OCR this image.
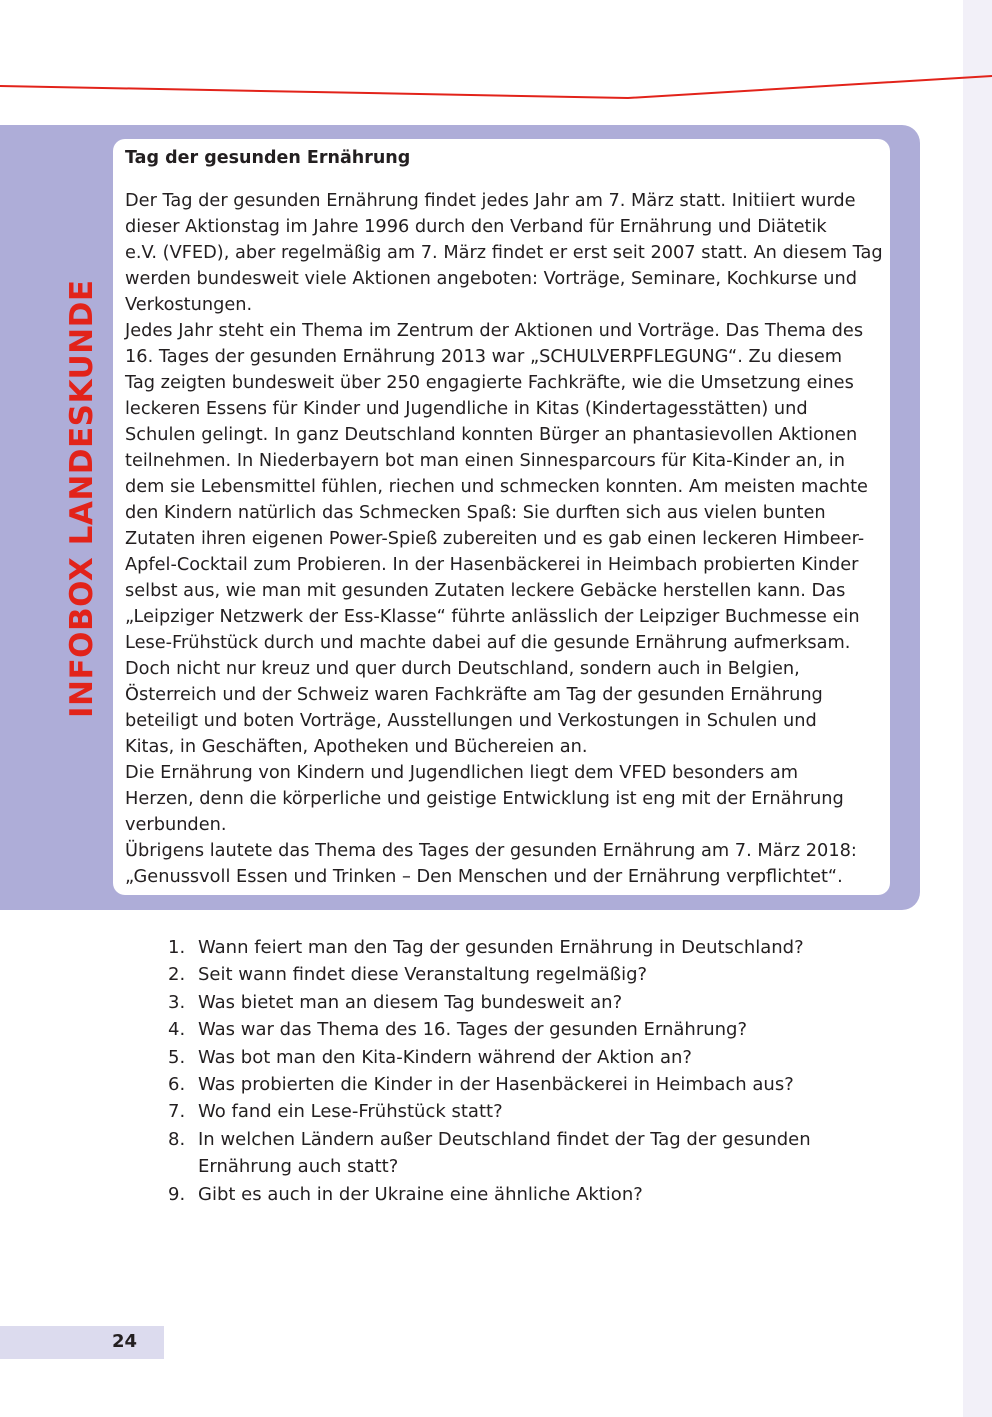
INFOBOX LANDESKUNDE
Tag der gesunden Ernährung
Der Tag der gesunden Ernährung findet jedes Jahr am 7. März statt. Initiiert wurde
dieser Aktionstag im Jahre 1996 durch den Verband für Ernährung und Diätetik
e.V. (VFED), aber regelmäßig am 7. März findet er erst seit 2007 statt. An diesem Tag
werden bundesweit viele Aktionen angeboten: Vorträge, Seminare, Kochkurse und
Verkostungen.
Jedes Jahr steht ein Thema im Zentrum der Aktionen und Vorträge. Das Thema des
16. Tages der gesunden Ernährung 2013 war „SCHULVERPFLEGUNG“. Zu diesem
Tag zeigten bundesweit über 250 engagierte Fachkräfte, wie die Umsetzung eines
leckeren Essens für Kinder und Jugendliche in Kitas (Kindertagesstätten) und
Schulen gelingt. In ganz Deutschland konnten Bürger an phantasievollen Aktionen
teilnehmen. In Niederbayern bot man einen Sinnesparcours für Kita-Kinder an, in
dem sie Lebensmittel fühlen, riechen und schmecken konnten. Am meisten machte
den Kindern natürlich das Schmecken Spaß: Sie durften sich aus vielen bunten
Zutaten ihren eigenen Power-Spieß zubereiten und es gab einen leckeren Himbeer-
Apfel-Cocktail zum Probieren. In der Hasenbäckerei in Heimbach probierten Kinder
selbst aus, wie man mit gesunden Zutaten leckere Gebäcke herstellen kann. Das
„Leipziger Netzwerk der Ess-Klasse“ führte anlässlich der Leipziger Buchmesse ein
Lese-Frühstück durch und machte dabei auf die gesunde Ernährung aufmerksam.
Doch nicht nur kreuz und quer durch Deutschland, sondern auch in Belgien,
Österreich und der Schweiz waren Fachkräfte am Tag der gesunden Ernährung
beteiligt und boten Vorträge, Ausstellungen und Verkostungen in Schulen und
Kitas, in Geschäften, Apotheken und Büchereien an.
Die Ernährung von Kindern und Jugendlichen liegt dem VFED besonders am
Herzen, denn die körperliche und geistige Entwicklung ist eng mit der Ernährung
verbunden.
Übrigens lautete das Thema des Tages der gesunden Ernährung am 7. März 2018:
„Genussvoll Essen und Trinken – Den Menschen und der Ernährung verpflichtet“.
1. Wann feiert man den Tag der gesunden Ernährung in Deutschland?
2. Seit wann findet diese Veranstaltung regelmäßig?
3. Was bietet man an diesem Tag bundesweit an?
4. Was war das Thema des 16. Tages der gesunden Ernährung?
5. Was bot man den Kita-Kindern während der Aktion an?
6. Was probierten die Kinder in der Hasenbäckerei in Heimbach aus?
7. Wo fand ein Lese-Frühstück statt?
8. In welchen Ländern außer Deutschland findet der Tag der gesunden
Ernährung auch statt?
9. Gibt es auch in der Ukraine eine ähnliche Aktion?
24
